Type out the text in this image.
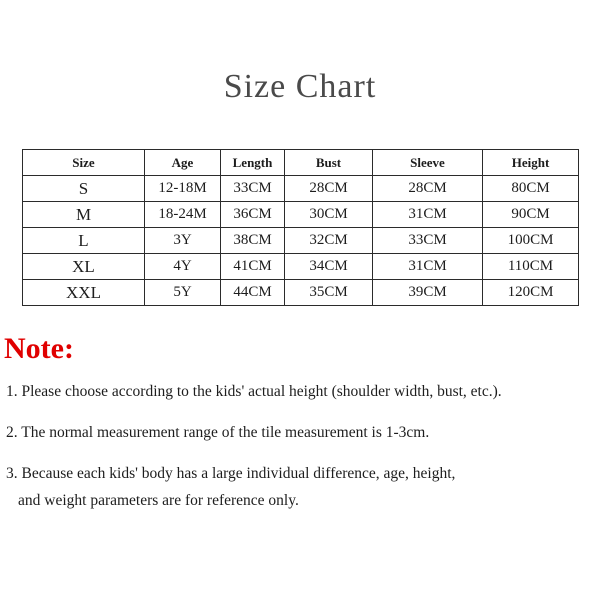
Size Chart
Size	Age	Length	Bust	Sleeve	Height
S	12-18M	33CM	28CM	28CM	80CM
M	18-24M	36CM	30CM	31CM	90CM
L	3Y	38CM	32CM	33CM	100CM
XL	4Y	41CM	34CM	31CM	110CM
XXL	5Y	44CM	35CM	39CM	120CM
Note:
1. Please choose according to the kids' actual height (shoulder width, bust, etc.).
2. The normal measurement range of the tile measurement is 1-3cm.
3. Because each kids' body has a large individual difference, age, height,
and weight parameters are for reference only.
